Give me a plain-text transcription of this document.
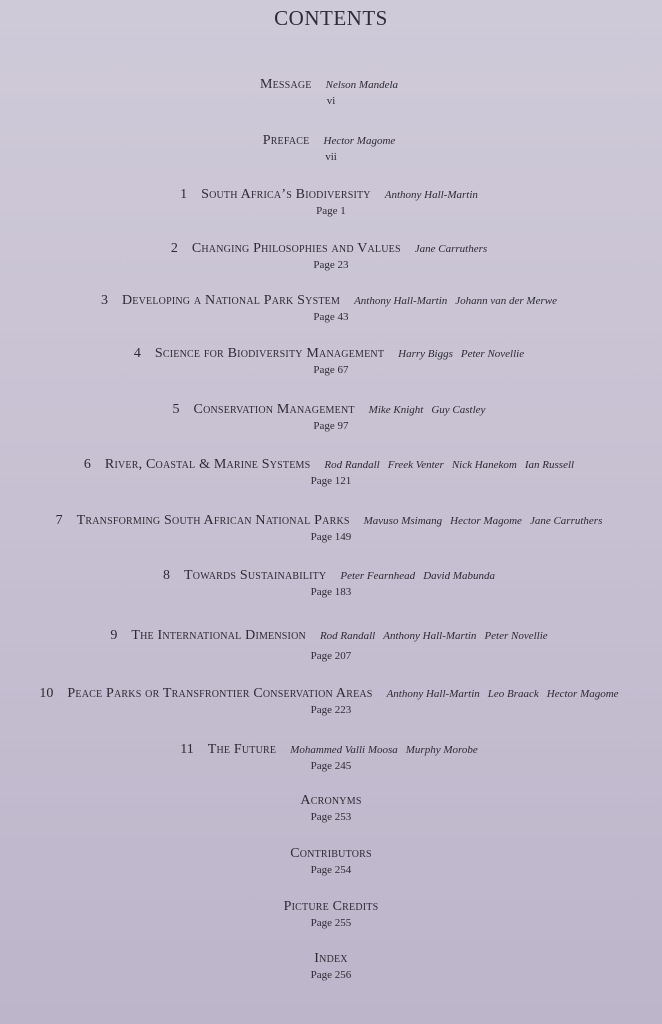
CONTENTS
Message Nelson Mandela
vi
Preface Hector Magome
vii
1 South Africa’s Biodiversity Anthony Hall-Martin
Page 1
2 Changing Philosophies and Values Jane Carruthers
Page 23
3 Developing a National Park System Anthony Hall-Martin Johann van der Merwe
Page 43
4 Science for Biodiversity Management Harry Biggs Peter Novellie
Page 67
5 Conservation Management Mike Knight Guy Castley
Page 97
6 River, Coastal & Marine Systems Rod Randall Freek Venter Nick Hanekom Ian Russell
Page 121
7 Transforming South African National Parks Mavuso Msimang Hector Magome Jane Carruthers
Page 149
8 Towards Sustainability Peter Fearnhead David Mabunda
Page 183
9 The International Dimension Rod Randall Anthony Hall-Martin Peter Novellie
Page 207
10 Peace Parks or Transfrontier Conservation Areas Anthony Hall-Martin Leo Braack Hector Magome
Page 223
11 The Future Mohammed Valli Moosa Murphy Morobe
Page 245
Acronyms
Page 253
Contributors
Page 254
Picture Credits
Page 255
Index
Page 256
